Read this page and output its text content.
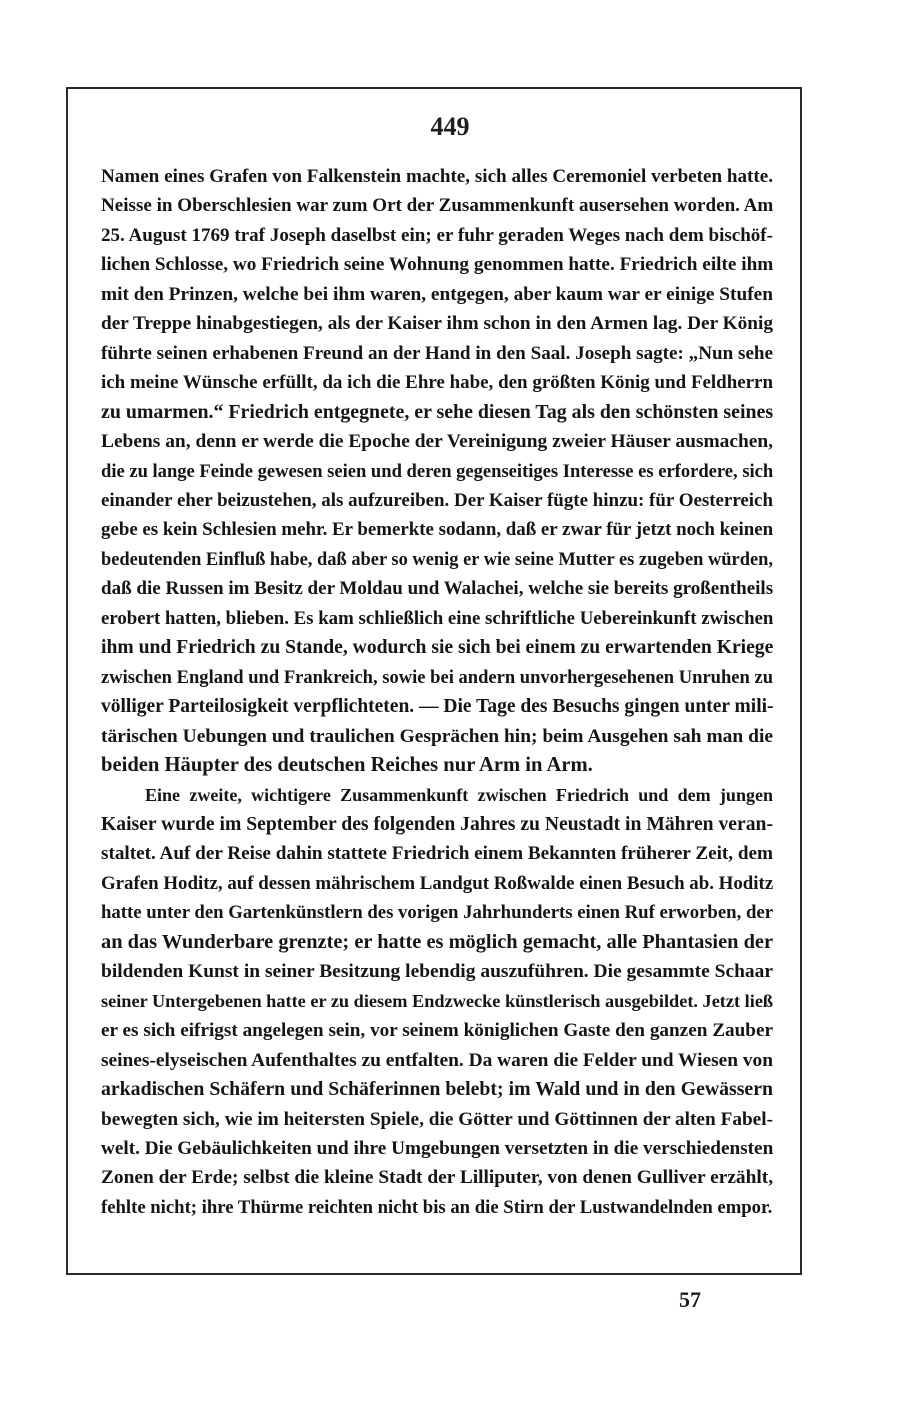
449

Namen eines Grafen von Falkenstein machte, sich alles Ceremoniel verbeten hatte.
Neisse in Oberschlesien war zum Ort der Zusammenkunft ausersehen worden. Am
25. August 1769 traf Joseph daselbst ein; er fuhr geraden Weges nach dem bischöf-
lichen Schlosse, wo Friedrich seine Wohnung genommen hatte. Friedrich eilte ihm
mit den Prinzen, welche bei ihm waren, entgegen, aber kaum war er einige Stufen
der Treppe hinabgestiegen, als der Kaiser ihm schon in den Armen lag. Der König
führte seinen erhabenen Freund an der Hand in den Saal. Joseph sagte: „Nun sehe
ich meine Wünsche erfüllt, da ich die Ehre habe, den größten König und Feldherrn
zu umarmen.“ Friedrich entgegnete, er sehe diesen Tag als den schönsten seines
Lebens an, denn er werde die Epoche der Vereinigung zweier Häuser ausmachen,
die zu lange Feinde gewesen seien und deren gegenseitiges Interesse es erfordere, sich
einander eher beizustehen, als aufzureiben. Der Kaiser fügte hinzu: für Oesterreich
gebe es kein Schlesien mehr. Er bemerkte sodann, daß er zwar für jetzt noch keinen
bedeutenden Einfluß habe, daß aber so wenig er wie seine Mutter es zugeben würden,
daß die Russen im Besitz der Moldau und Walachei, welche sie bereits großentheils
erobert hatten, blieben. Es kam schließlich eine schriftliche Uebereinkunft zwischen
ihm und Friedrich zu Stande, wodurch sie sich bei einem zu erwartenden Kriege
zwischen England und Frankreich, sowie bei andern unvorhergesehenen Unruhen zu
völliger Parteilosigkeit verpflichteten. — Die Tage des Besuchs gingen unter mili-
tärischen Uebungen und traulichen Gesprächen hin; beim Ausgehen sah man die
beiden Häupter des deutschen Reiches nur Arm in Arm.

Eine zweite, wichtigere Zusammenkunft zwischen Friedrich und dem jungen
Kaiser wurde im September des folgenden Jahres zu Neustadt in Mähren veran-
staltet. Auf der Reise dahin stattete Friedrich einem Bekannten früherer Zeit, dem
Grafen Hoditz, auf dessen mährischem Landgut Roßwalde einen Besuch ab. Hoditz
hatte unter den Gartenkünstlern des vorigen Jahrhunderts einen Ruf erworben, der
an das Wunderbare grenzte; er hatte es möglich gemacht, alle Phantasien der
bildenden Kunst in seiner Besitzung lebendig auszuführen. Die gesammte Schaar
seiner Untergebenen hatte er zu diesem Endzwecke künstlerisch ausgebildet. Jetzt ließ
er es sich eifrigst angelegen sein, vor seinem königlichen Gaste den ganzen Zauber
seines-elyseischen Aufenthaltes zu entfalten. Da waren die Felder und Wiesen von
arkadischen Schäfern und Schäferinnen belebt; im Wald und in den Gewässern
bewegten sich, wie im heitersten Spiele, die Götter und Göttinnen der alten Fabel-
welt. Die Gebäulichkeiten und ihre Umgebungen versetzten in die verschiedensten
Zonen der Erde; selbst die kleine Stadt der Lilliputer, von denen Gulliver erzählt,
fehlte nicht; ihre Thürme reichten nicht bis an die Stirn der Lustwandelnden empor.

57
